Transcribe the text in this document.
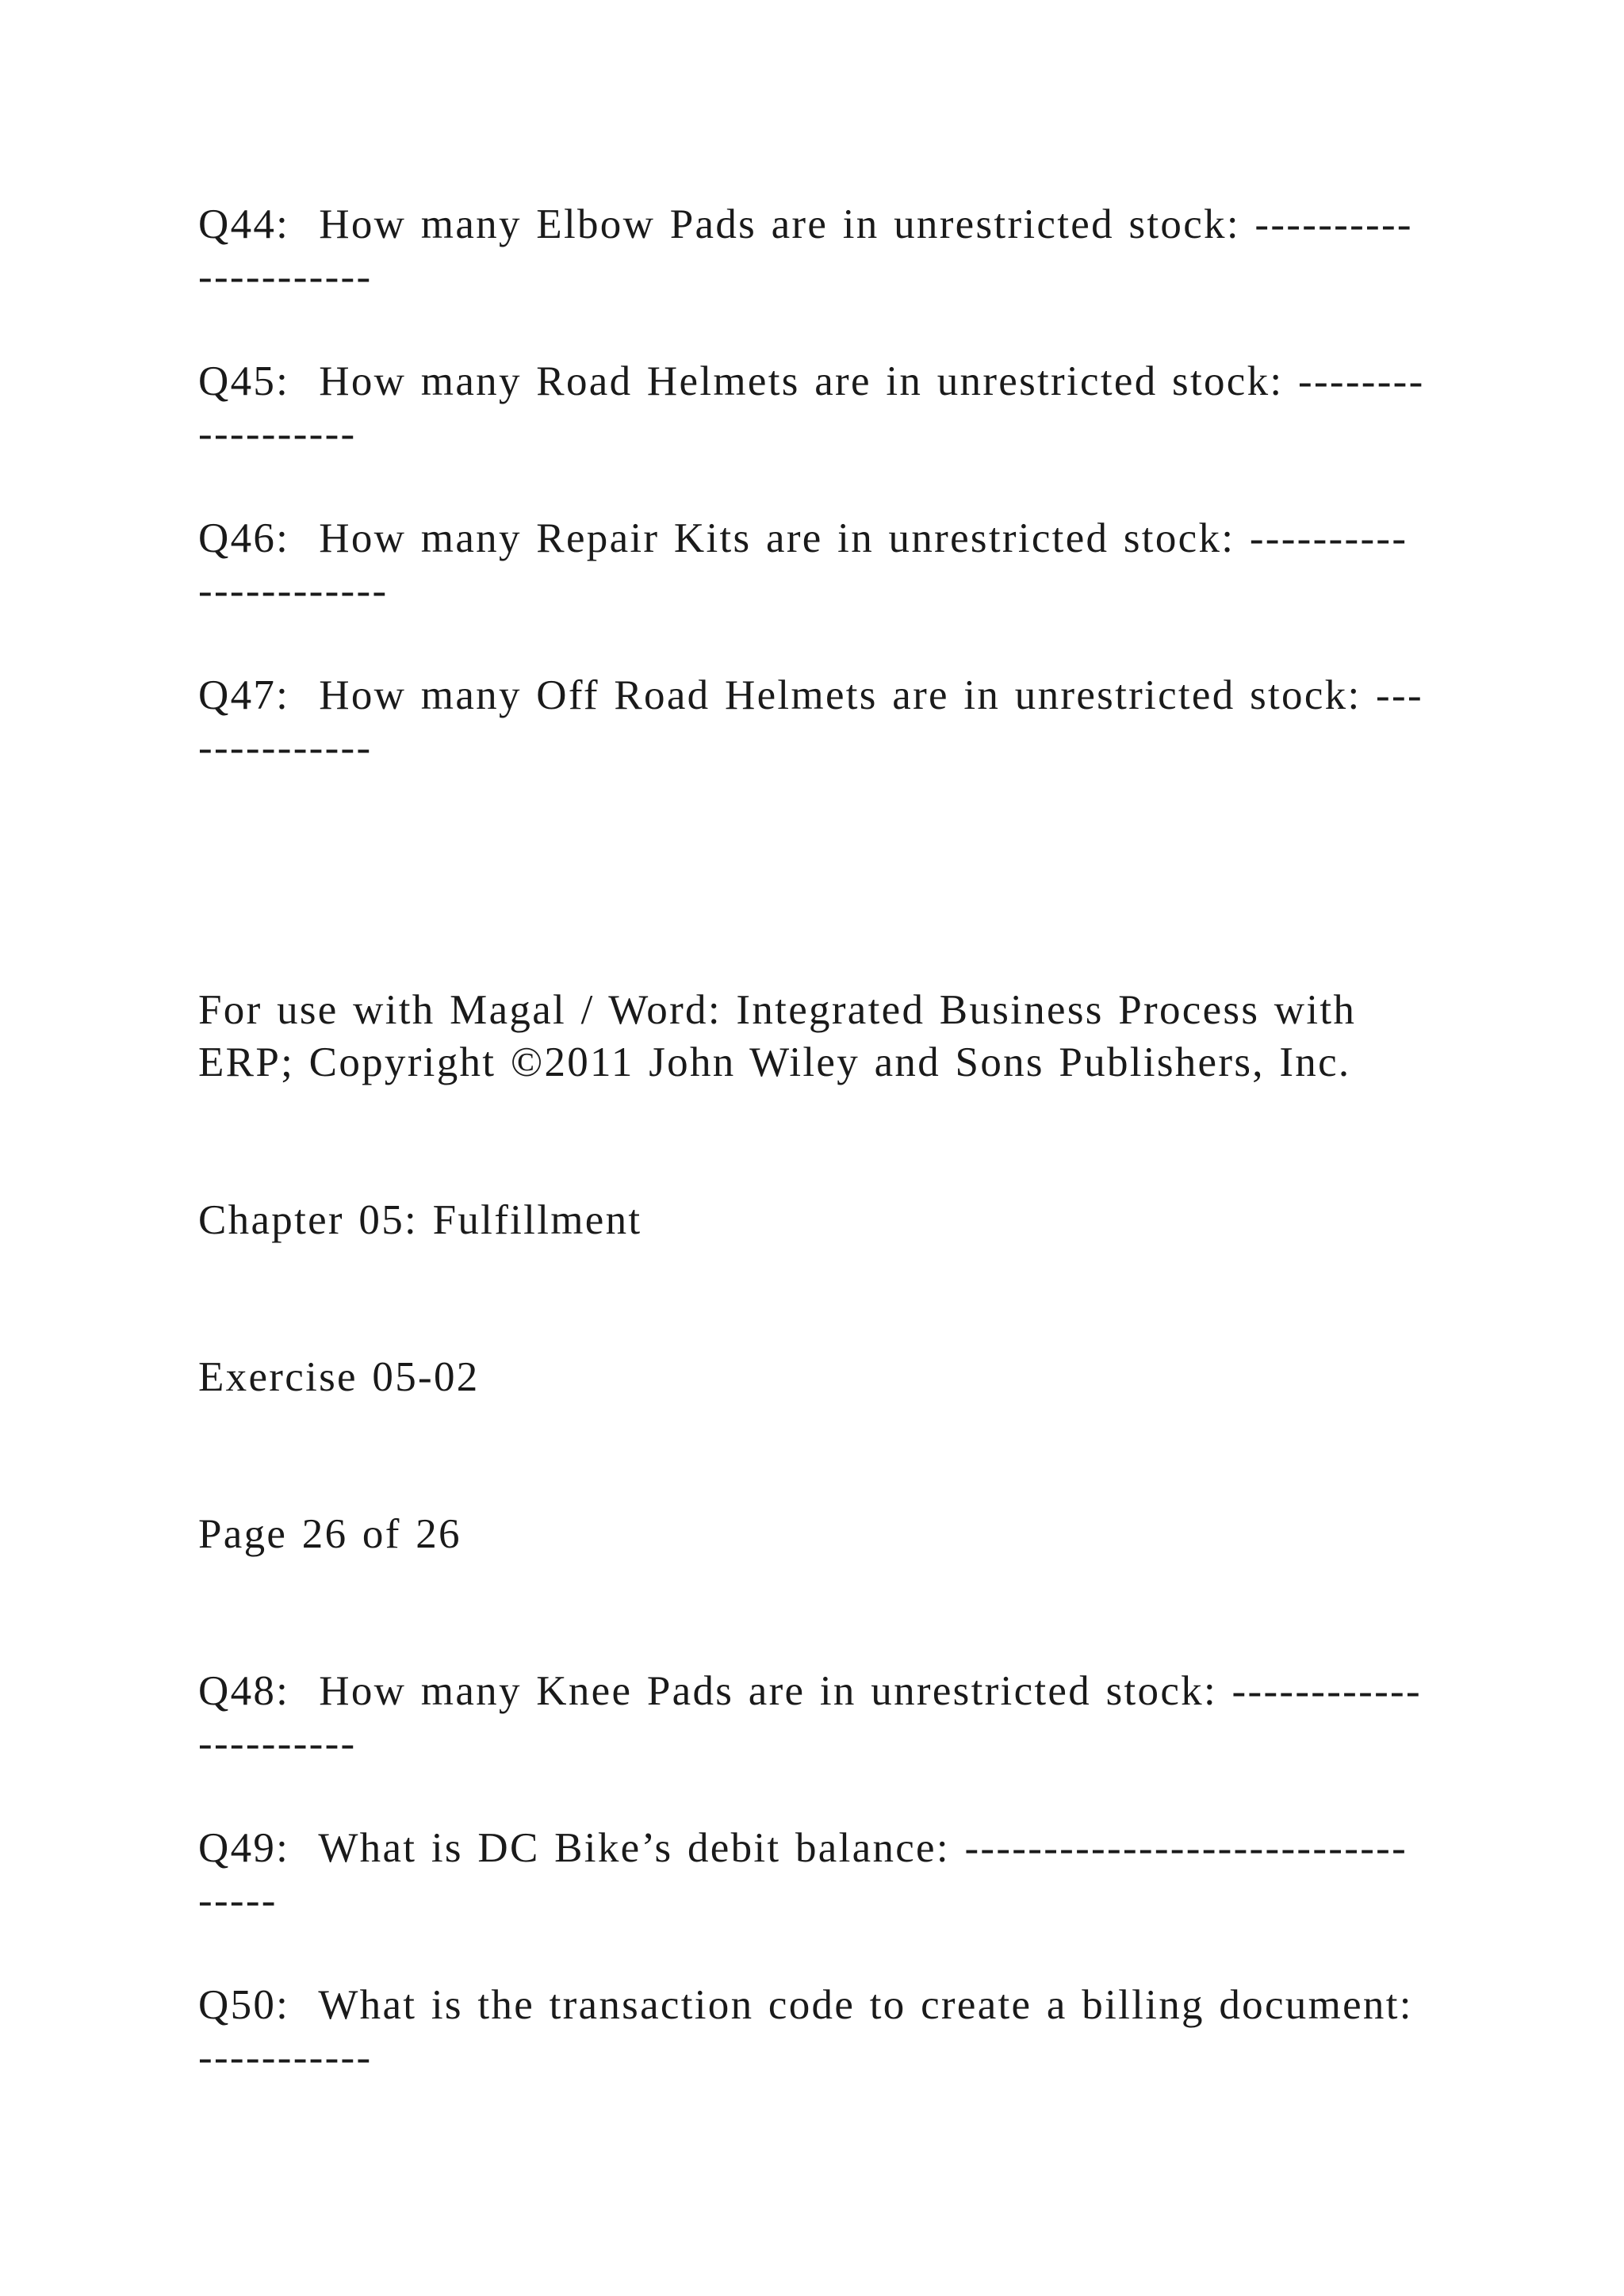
Q44:  How many Elbow Pads are in unrestricted stock: ----------

-----------

Q45:  How many Road Helmets are in unrestricted stock: --------

----------

Q46:  How many Repair Kits are in unrestricted stock: ----------

------------

Q47:  How many Off Road Helmets are in unrestricted stock: ---

-----------

For use with Magal / Word: Integrated Business Process with

ERP; Copyright ©2011 John Wiley and Sons Publishers, Inc.

Chapter 05: Fulfillment

Exercise 05-02

Page 26 of 26

Q48:  How many Knee Pads are in unrestricted stock: ------------

----------

Q49:  What is DC Bike’s debit balance: ----------------------------

-----

Q50:  What is the transaction code to create a billing document:

-----------
